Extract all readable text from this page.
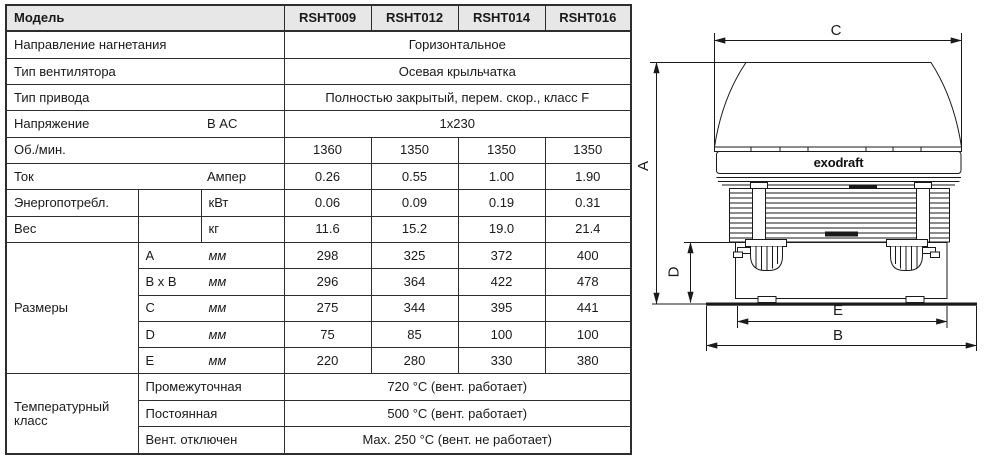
Модель			RSHT009	RSHT012	RSHT014	RSHT016
Направление нагнетания			Горизонтальное			
Тип вентилятора			Осевая крыльчатка			
Тип привода			Полностью закрытый, перем. скор., класс F			
Напряжение В AC			1x230			
Об./мин.			1360	1350	1350	1350
Ток Ампер			0.26	0.55	1.00	1.90
Энергопотребл.		кВт	0.06	0.09	0.19	0.31
Вес		кг	11.6	15.2	19.0	21.4
Размеры	A мм		298	325	372	400
	B x B мм		296	364	422	478
	C мм		275	344	395	441
	D мм		75	85	100	100
	E мм		220	280	330	380
Температурный класс	Промежуточная		720 °C (вент. работает)			
	Постоянная		500 °C (вент. работает)			
	Вент. отключен		Max. 250 °C (вент. не работает)			
exodraft
C
A
D
E
B
